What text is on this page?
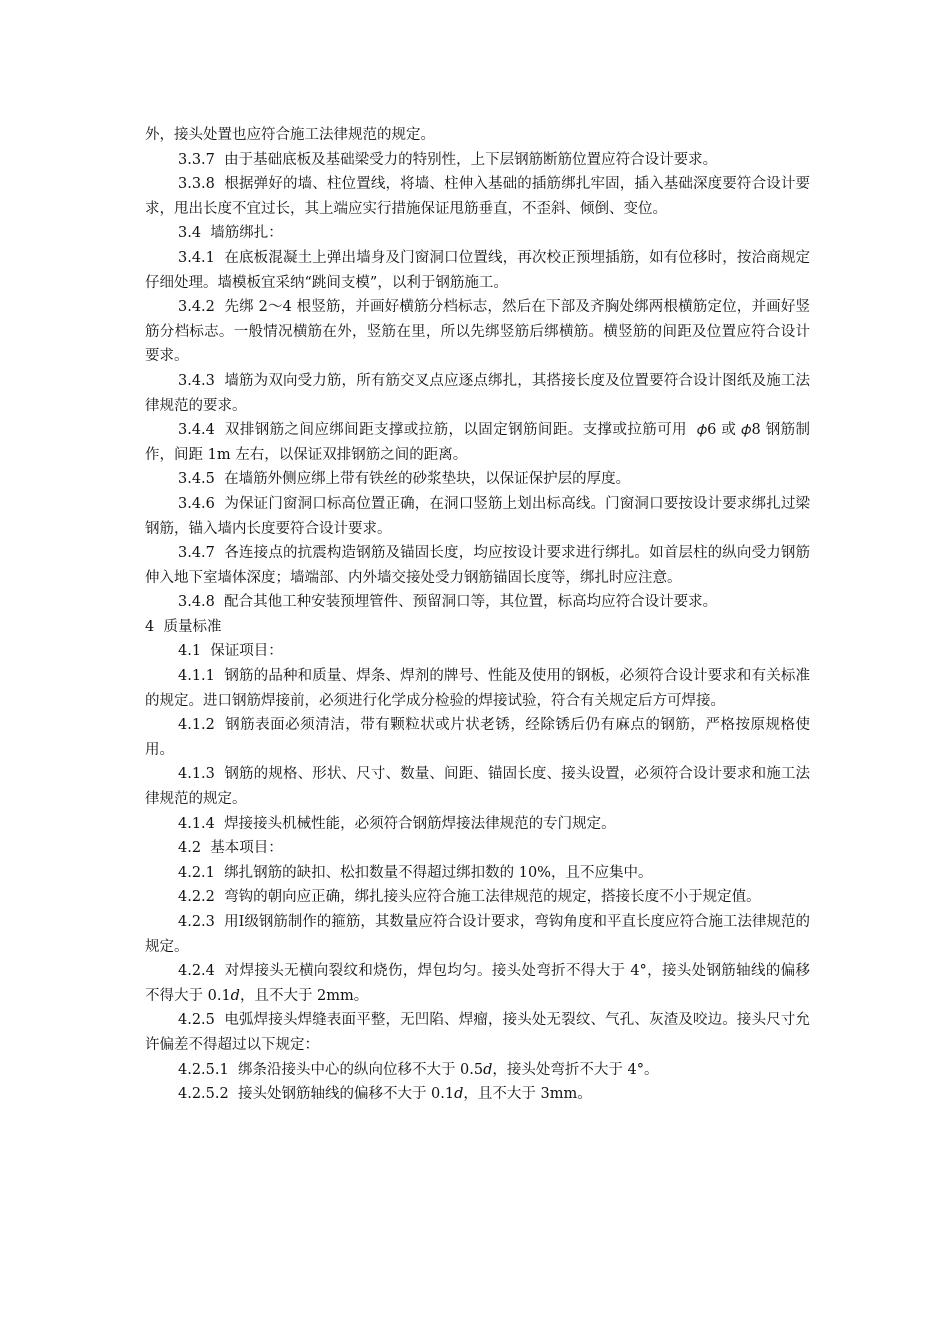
外，接头处置也应符合施工法律规范的规定。

3.3.7  由于基础底板及基础梁受力的特别性，上下层钢筋断筋位置应符合设计要求。

3.3.8  根据弹好的墙、柱位置线，将墙、柱伸入基础的插筋绑扎牢固，插入基础深度要符合设计要求，甩出长度不宜过长，其上端应实行措施保证甩筋垂直，不歪斜、倾倒、变位。

3.4  墙筋绑扎：

3.4.1  在底板混凝土上弹出墙身及门窗洞口位置线，再次校正预埋插筋，如有位移时，按洽商规定仔细处理。墙模板宜采纳“跳间支模”，以利于钢筋施工。

3.4.2  先绑 2～4 根竖筋，并画好横筋分档标志，然后在下部及齐胸处绑两根横筋定位，并画好竖筋分档标志。一般情况横筋在外，竖筋在里，所以先绑竖筋后绑横筋。横竖筋的间距及位置应符合设计要求。

3.4.3  墙筋为双向受力筋，所有筋交叉点应逐点绑扎，其搭接长度及位置要符合设计图纸及施工法律规范的要求。

3.4.4  双排钢筋之间应绑间距支撑或拉筋，以固定钢筋间距。支撑或拉筋可用  𝜙6 或 𝜙8 钢筋制作，间距 1m 左右，以保证双排钢筋之间的距离。

3.4.5  在墙筋外侧应绑上带有铁丝的砂浆垫块，以保证保护层的厚度。

3.4.6  为保证门窗洞口标高位置正确，在洞口竖筋上划出标高线。门窗洞口要按设计要求绑扎过梁钢筋，锚入墙内长度要符合设计要求。

3.4.7  各连接点的抗震构造钢筋及锚固长度，均应按设计要求进行绑扎。如首层柱的纵向受力钢筋伸入地下室墙体深度；墙端部、内外墙交接处受力钢筋锚固长度等，绑扎时应注意。

3.4.8  配合其他工种安装预埋管件、预留洞口等，其位置，标高均应符合设计要求。

4  质量标准

4.1  保证项目：

4.1.1  钢筋的品种和质量、焊条、焊剂的牌号、性能及使用的钢板，必须符合设计要求和有关标准的规定。进口钢筋焊接前，必须进行化学成分检验的焊接试验，符合有关规定后方可焊接。

4.1.2  钢筋表面必须清洁，带有颗粒状或片状老锈，经除锈后仍有麻点的钢筋，严格按原规格使用。

4.1.3  钢筋的规格、形状、尺寸、数量、间距、锚固长度、接头设置，必须符合设计要求和施工法律规范的规定。

4.1.4  焊接接头机械性能，必须符合钢筋焊接法律规范的专门规定。

4.2  基本项目：

4.2.1  绑扎钢筋的缺扣、松扣数量不得超过绑扣数的 10%，且不应集中。

4.2.2  弯钩的朝向应正确，绑扎接头应符合施工法律规范的规定，搭接长度不小于规定值。

4.2.3  用Ⅰ级钢筋制作的箍筋，其数量应符合设计要求，弯钩角度和平直长度应符合施工法律规范的规定。

4.2.4  对焊接头无横向裂纹和烧伤，焊包均匀。接头处弯折不得大于 4°，接头处钢筋轴线的偏移不得大于 0.1𝑑，且不大于 2mm。

4.2.5  电弧焊接头焊缝表面平整，无凹陷、焊瘤，接头处无裂纹、气孔、灰渣及咬边。接头尺寸允许偏差不得超过以下规定：

4.2.5.1  绑条沿接头中心的纵向位移不大于 0.5𝑑，接头处弯折不大于 4°。

4.2.5.2  接头处钢筋轴线的偏移不大于 0.1𝑑，且不大于 3mm。
